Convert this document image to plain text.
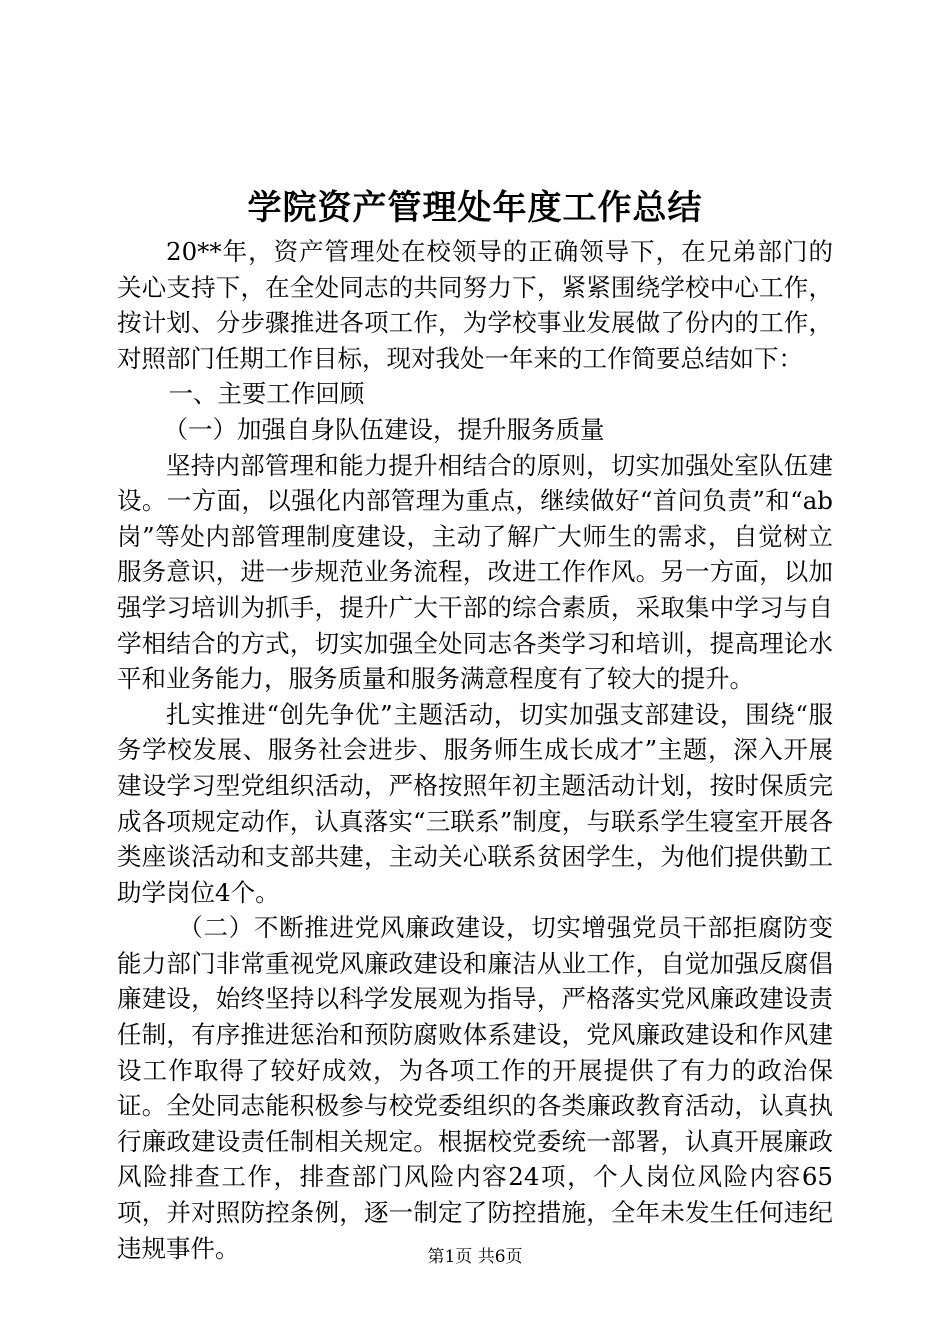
学院资产管理处年度工作总结

20**年，资产管理处在校领导的正确领导下，在兄弟部门的关心支持下，在全处同志的共同努力下，紧紧围绕学校中心工作，按计划、分步骤推进各项工作，为学校事业发展做了份内的工作，对照部门任期工作目标，现对我处一年来的工作简要总结如下：

一、主要工作回顾

（一）加强自身队伍建设，提升服务质量

坚持内部管理和能力提升相结合的原则，切实加强处室队伍建设。一方面，以强化内部管理为重点，继续做好“首问负责”和“ab岗”等处内部管理制度建设，主动了解广大师生的需求，自觉树立服务意识，进一步规范业务流程，改进工作作风。另一方面，以加强学习培训为抓手，提升广大干部的综合素质，采取集中学习与自学相结合的方式，切实加强全处同志各类学习和培训，提高理论水平和业务能力，服务质量和服务满意程度有了较大的提升。

扎实推进“创先争优”主题活动，切实加强支部建设，围绕“服务学校发展、服务社会进步、服务师生成长成才”主题，深入开展建设学习型党组织活动，严格按照年初主题活动计划，按时保质完成各项规定动作，认真落实“三联系”制度，与联系学生寝室开展各类座谈活动和支部共建，主动关心联系贫困学生，为他们提供勤工助学岗位4个。

（二）不断推进党风廉政建设，切实增强党员干部拒腐防变能力部门非常重视党风廉政建设和廉洁从业工作，自觉加强反腐倡廉建设，始终坚持以科学发展观为指导，严格落实党风廉政建设责任制，有序推进惩治和预防腐败体系建设，党风廉政建设和作风建设工作取得了较好成效，为各项工作的开展提供了有力的政治保证。全处同志能积极参与校党委组织的各类廉政教育活动，认真执行廉政建设责任制相关规定。根据校党委统一部署，认真开展廉政风险排查工作，排查部门风险内容24项，个人岗位风险内容65项，并对照防控条例，逐一制定了防控措施，全年未发生任何违纪违规事件。	第1页 共6页
